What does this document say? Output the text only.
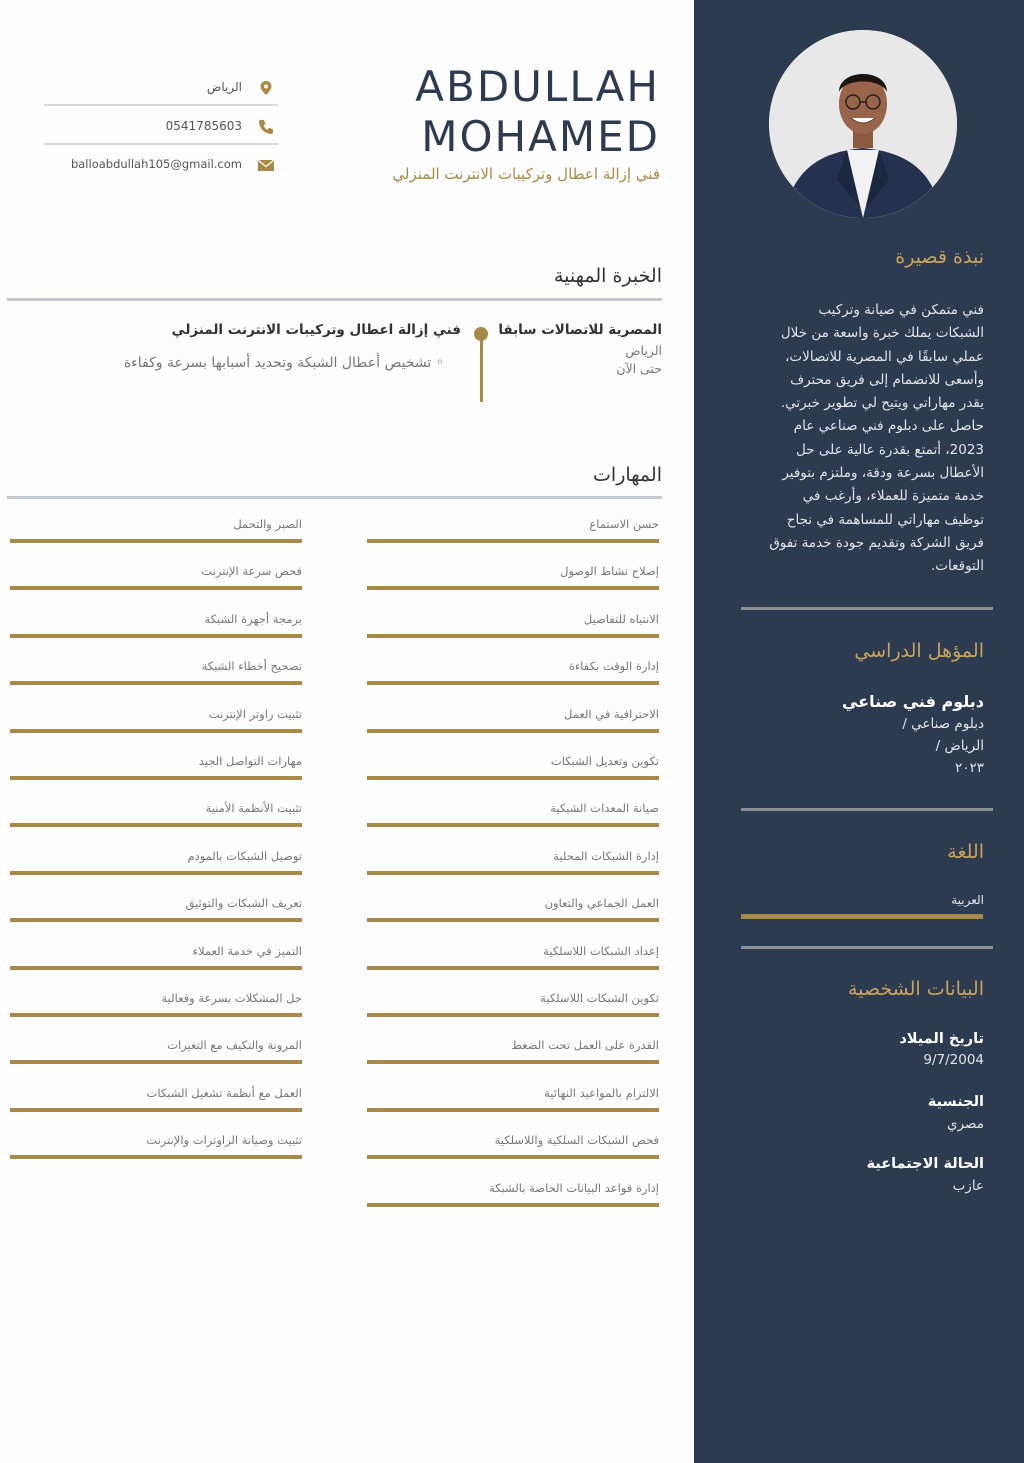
نبذة قصيرة
فني متمكن في صيانة وتركيب
الشبكات يملك خبرة واسعة من خلال
عملي سابقًا في المصرية للاتصالات،
وأسعى للانضمام إلى فريق محترف
يقدر مهاراتي ويتيح لي تطوير خبرتي.
حاصل على دبلوم فني صناعي عام
2023، أتمتع بقدرة عالية على حل
الأعطال بسرعة ودقة، وملتزم بتوفير
خدمة متميزة للعملاء، وأرغب في
توظيف مهاراتي للمساهمة في نجاح
فريق الشركة وتقديم جودة خدمة تفوق
التوقعات.
المؤهل الدراسي
دبلوم فني صناعي
دبلوم صناعي /
الرياض /
٢٠٢٣
اللغة
العربية
البيانات الشخصية
تاريخ الميلاد
9/7/2004
الجنسية
مصري
الحالة الاجتماعية
عازب
ABDULLAH
MOHAMED
فني إزالة اعطال وتركيبات الانترنت المنزلي
الرياض
0541785603
balloabdullah105@gmail.com
الخبرة المهنية
المصرية للاتصالات سابقا
الرياض
حتى الآن
فني إزالة اعطال وتركيبات الانترنت المنزلي
◦ تشخيص أعطال الشبكة وتحديد أسبابها بسرعة وكفاءة
المهارات
حسن الاستماع
إصلاح نشاط الوصول
الانتباه للتفاصيل
إدارة الوقت بكفاءة
الاحترافية في العمل
تكوين وتعديل الشبكات
صيانة المعدات الشبكية
إدارة الشبكات المحلية
العمل الجماعي والتعاون
إعداد الشبكات اللاسلكية
تكوين الشبكات اللاسلكية
القدرة على العمل تحت الضغط
الالتزام بالمواعيد النهائية
فحص الشبكات السلكية واللاسلكية
إدارة قواعد البيانات الخاصة بالشبكة
الصبر والتحمل
فحص سرعة الإنترنت
برمجة أجهزة الشبكة
تصحيح أخطاء الشبكة
تثبيت راوتر الإنترنت
مهارات التواصل الجيد
تثبيت الأنظمة الأمنية
توصيل الشبكات بالمودم
تعريف الشبكات والتوثيق
التميز في خدمة العملاء
حل المشكلات بسرعة وفعالية
المرونة والتكيف مع التغيرات
العمل مع أنظمة تشغيل الشبكات
تثبيت وصيانة الراوترات والإنترنت
